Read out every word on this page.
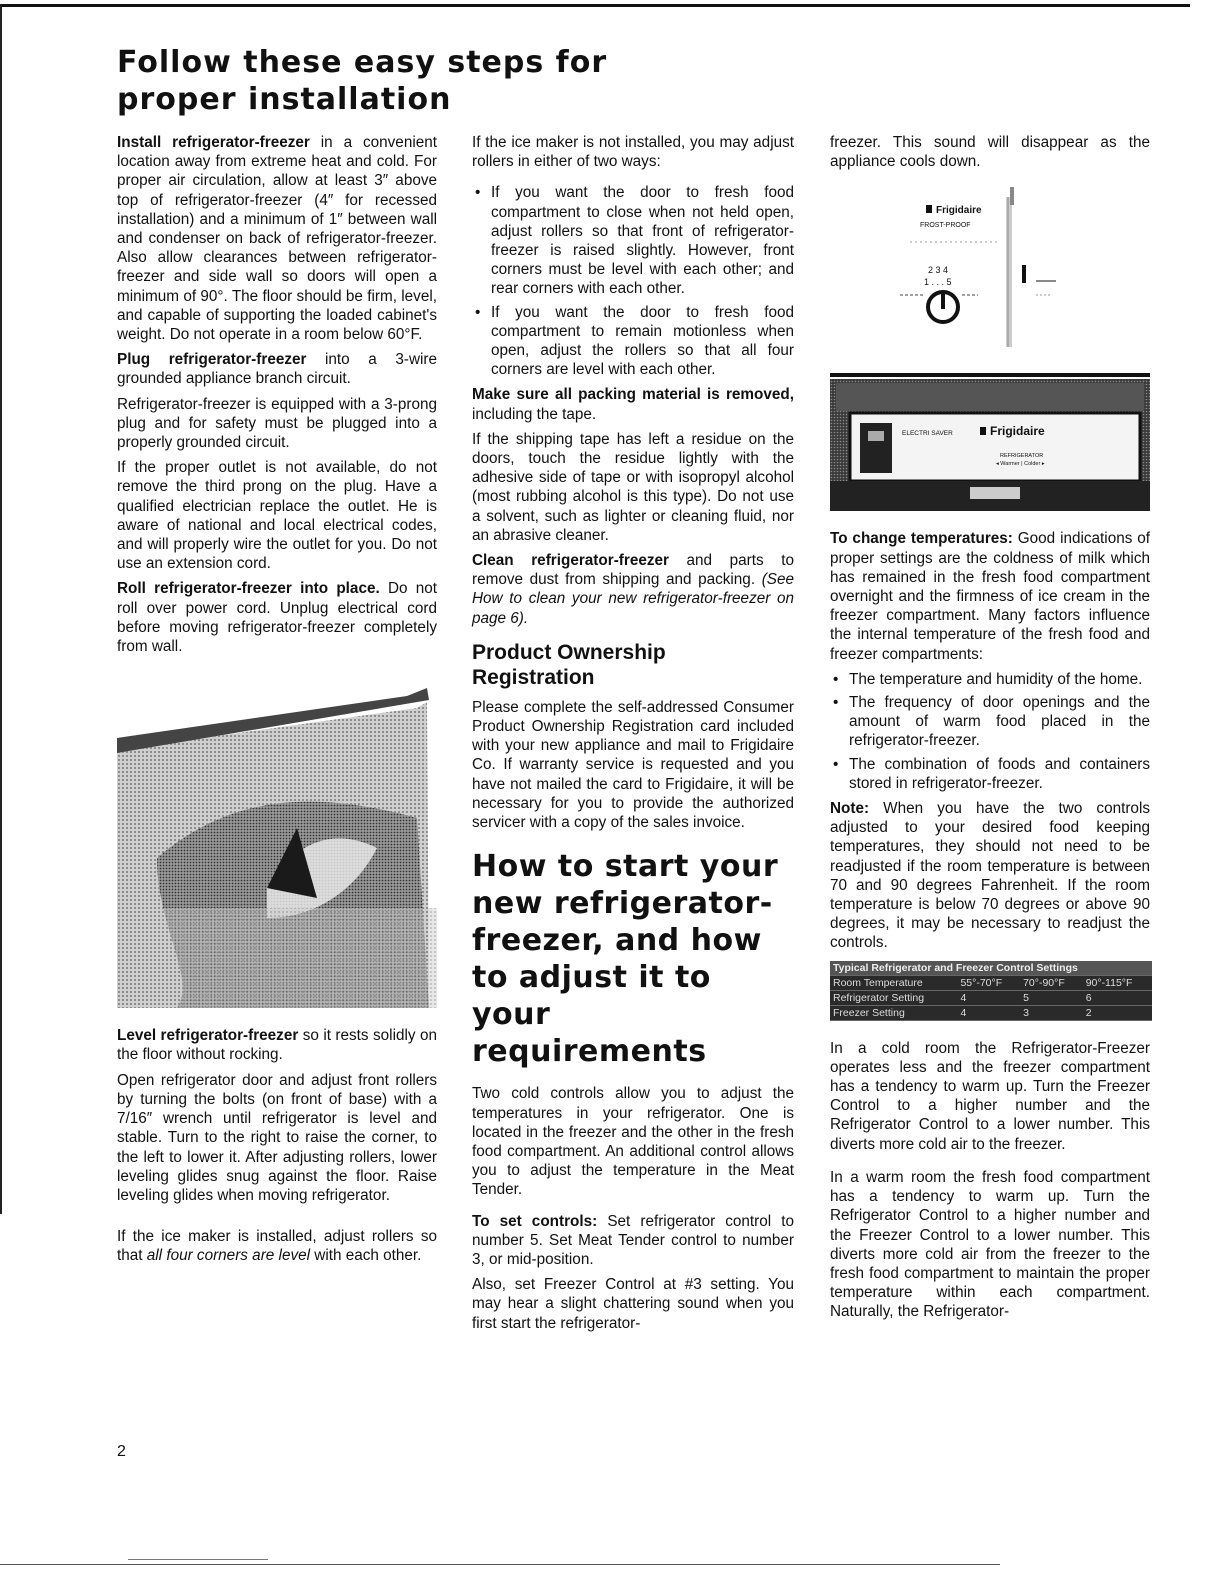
Follow these easy steps for
proper installation

Install refrigerator-freezer in a convenient location away from extreme heat and cold. For proper air circulation, allow at least 3″ above top of refrigerator-freezer (4″ for recessed installation) and a minimum of 1″ between wall and condenser on back of refrigerator-freezer. Also allow clearances between refrigerator-freezer and side wall so doors will open a minimum of 90°. The floor should be firm, level, and capable of supporting the loaded cabinet's weight. Do not operate in a room below 60°F.

Plug refrigerator-freezer into a 3-wire grounded appliance branch circuit.

Refrigerator-freezer is equipped with a 3-prong plug and for safety must be plugged into a properly grounded circuit.

If the proper outlet is not available, do not remove the third prong on the plug. Have a qualified electrician replace the outlet. He is aware of national and local electrical codes, and will properly wire the outlet for you. Do not use an extension cord.

Roll refrigerator-freezer into place. Do not roll over power cord. Unplug electrical cord before moving refrigerator-freezer completely from wall.

Level refrigerator-freezer so it rests solidly on the floor without rocking.

Open refrigerator door and adjust front rollers by turning the bolts (on front of base) with a 7/16″ wrench until refrigerator is level and stable. Turn to the right to raise the corner, to the left to lower it. After adjusting rollers, lower leveling glides snug against the floor. Raise leveling glides when moving refrigerator.

If the ice maker is installed, adjust rollers so that all four corners are level with each other.

If the ice maker is not installed, you may adjust rollers in either of two ways:

• If you want the door to fresh food compartment to close when not held open, adjust rollers so that front of refrigerator-freezer is raised slightly. However, front corners must be level with each other; and rear corners with each other.
• If you want the door to fresh food compartment to remain motionless when open, adjust the rollers so that all four corners are level with each other.

Make sure all packing material is removed, including the tape.

If the shipping tape has left a residue on the doors, touch the residue lightly with the adhesive side of tape or with isopropyl alcohol (most rubbing alcohol is this type). Do not use a solvent, such as lighter or cleaning fluid, nor an abrasive cleaner.

Clean refrigerator-freezer and parts to remove dust from shipping and packing. (See How to clean your new refrigerator-freezer on page 6).

Product Ownership
Registration

Please complete the self-addressed Consumer Product Ownership Registration card included with your new appliance and mail to Frigidaire Co. If warranty service is requested and you have not mailed the card to Frigidaire, it will be necessary for you to provide the authorized servicer with a copy of the sales invoice.

How to start your
new refrigerator-
freezer, and how
to adjust it to
your requirements

Two cold controls allow you to adjust the temperatures in your refrigerator. One is located in the freezer and the other in the fresh food compartment. An additional control allows you to adjust the temperature in the Meat Tender.

To set controls: Set refrigerator control to number 5. Set Meat Tender control to number 3, or mid-position.

Also, set Freezer Control at #3 setting. You may hear a slight chattering sound when you first start the refrigerator-

freezer. This sound will disappear as the appliance cools down.

Frigidaire
FROST-PROOF
2 3 4
1 . . . 5
ELECTRI SAVER	Frigidaire
REFRIGERATOR
◂ Warmer | Colder ▸

To change temperatures: Good indications of proper settings are the coldness of milk which has remained in the fresh food compartment overnight and the firmness of ice cream in the freezer compartment. Many factors influence the internal temperature of the fresh food and freezer compartments:

• The temperature and humidity of the home.
• The frequency of door openings and the amount of warm food placed in the refrigerator-freezer.
• The combination of foods and containers stored in refrigerator-freezer.

Note: When you have the two controls adjusted to your desired food keeping temperatures, they should not need to be readjusted if the room temperature is between 70 and 90 degrees Fahrenheit. If the room temperature is below 70 degrees or above 90 degrees, it may be necessary to readjust the controls.

Typical Refrigerator and Freezer Control Settings			
Room Temperature	55°-70°F	70°-90°F	90°-115°F
Refrigerator Setting	4	5	6
Freezer Setting	4	3	2

In a cold room the Refrigerator-Freezer operates less and the freezer compartment has a tendency to warm up. Turn the Freezer Control to a higher number and the Refrigerator Control to a lower number. This diverts more cold air to the freezer.

In a warm room the fresh food compartment has a tendency to warm up. Turn the Refrigerator Control to a higher number and the Freezer Control to a lower number. This diverts more cold air from the freezer to the fresh food compartment to maintain the proper temperature within each compartment. Naturally, the Refrigerator-

2
